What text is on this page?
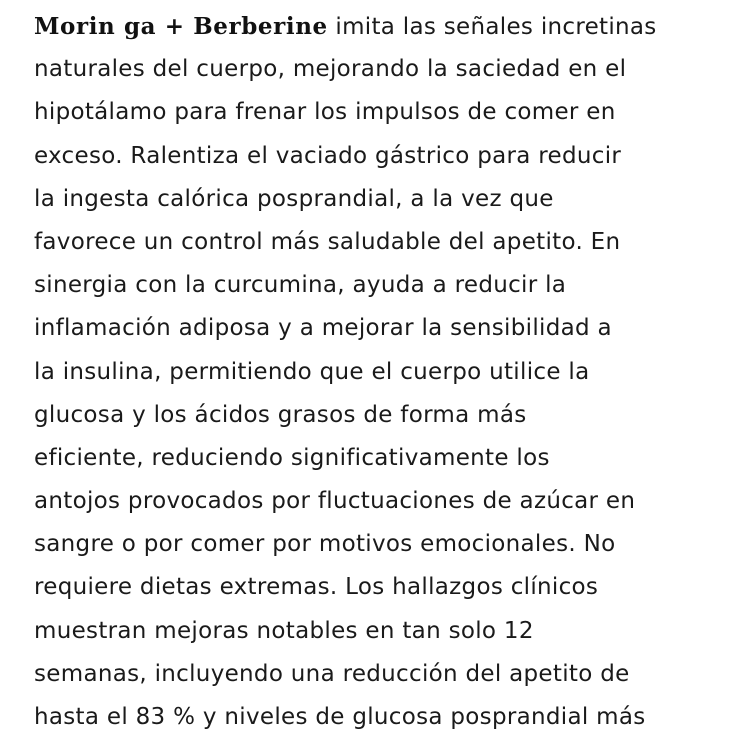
Morin ga + Berberine imita las señales incretinas
naturales del cuerpo, mejorando la saciedad en el
hipotálamo para frenar los impulsos de comer en
exceso. Ralentiza el vaciado gástrico para reducir
la ingesta calórica posprandial, a la vez que
favorece un control más saludable del apetito. En
sinergia con la curcumina, ayuda a reducir la
inflamación adiposa y a mejorar la sensibilidad a
la insulina, permitiendo que el cuerpo utilice la
glucosa y los ácidos grasos de forma más
eficiente, reduciendo significativamente los
antojos provocados por fluctuaciones de azúcar en
sangre o por comer por motivos emocionales. No
requiere dietas extremas. Los hallazgos clínicos
muestran mejoras notables en tan solo 12
semanas, incluyendo una reducción del apetito de
hasta el 83 % y niveles de glucosa posprandial más
